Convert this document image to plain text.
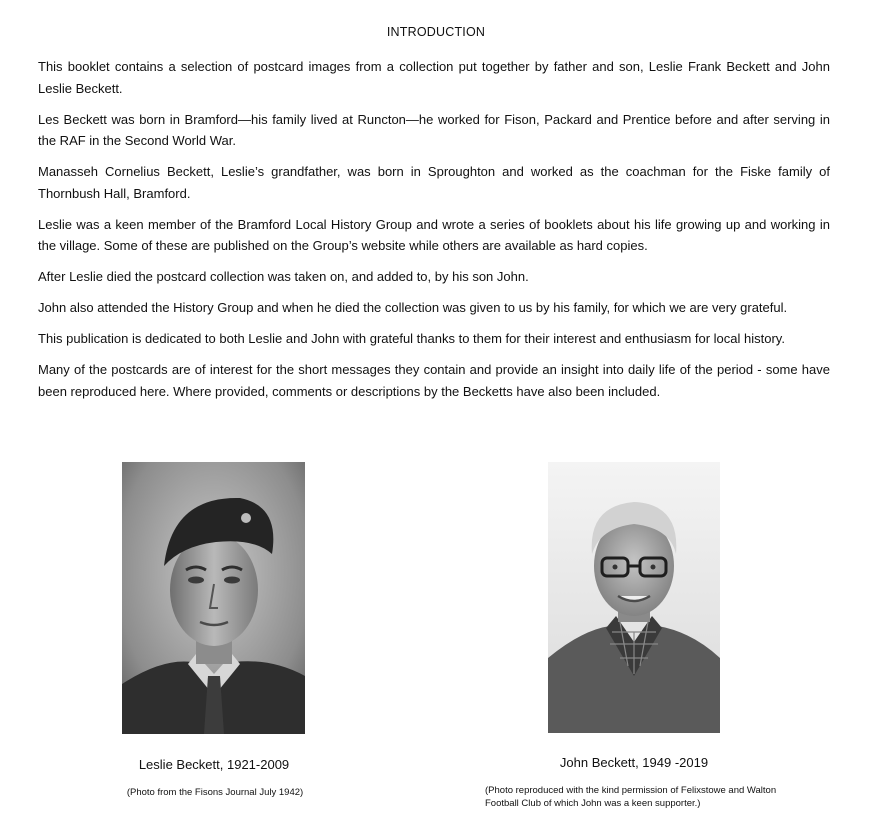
INTRODUCTION

This booklet contains a selection of postcard images from a collection put together by father and son, Leslie Frank Beckett and John Leslie Beckett.

Les Beckett was born in Bramford—his family lived at Runcton—he worked for Fison, Packard and Prentice before and after serving in the RAF in the Second World War.

Manasseh Cornelius Beckett, Leslie’s grandfather, was born in Sproughton and worked as the coachman for the Fiske family of Thornbush Hall, Bramford.

Leslie was a keen member of the Bramford Local History Group and wrote a series of booklets about his life growing up and working in the village. Some of these are published on the Group’s website while others are available as hard copies.

After Leslie died the postcard collection was taken on, and added to, by his son John.

John also attended the History Group and when he died the collection was given to us by his family, for which we are very grateful.

This publication is dedicated to both Leslie and John with grateful thanks to them for their interest and enthusiasm for local history.

Many of the postcards are of interest for the short messages they contain and provide an insight into daily life of the period - some have been reproduced here. Where provided, comments or descriptions by the Becketts have also been included.

Leslie Beckett, 1921-2009
(Photo from the Fisons Journal July 1942)
John Beckett, 1949 -2019
(Photo reproduced with the kind permission of Felixstowe and Walton Football Club of which John was a keen supporter.)
